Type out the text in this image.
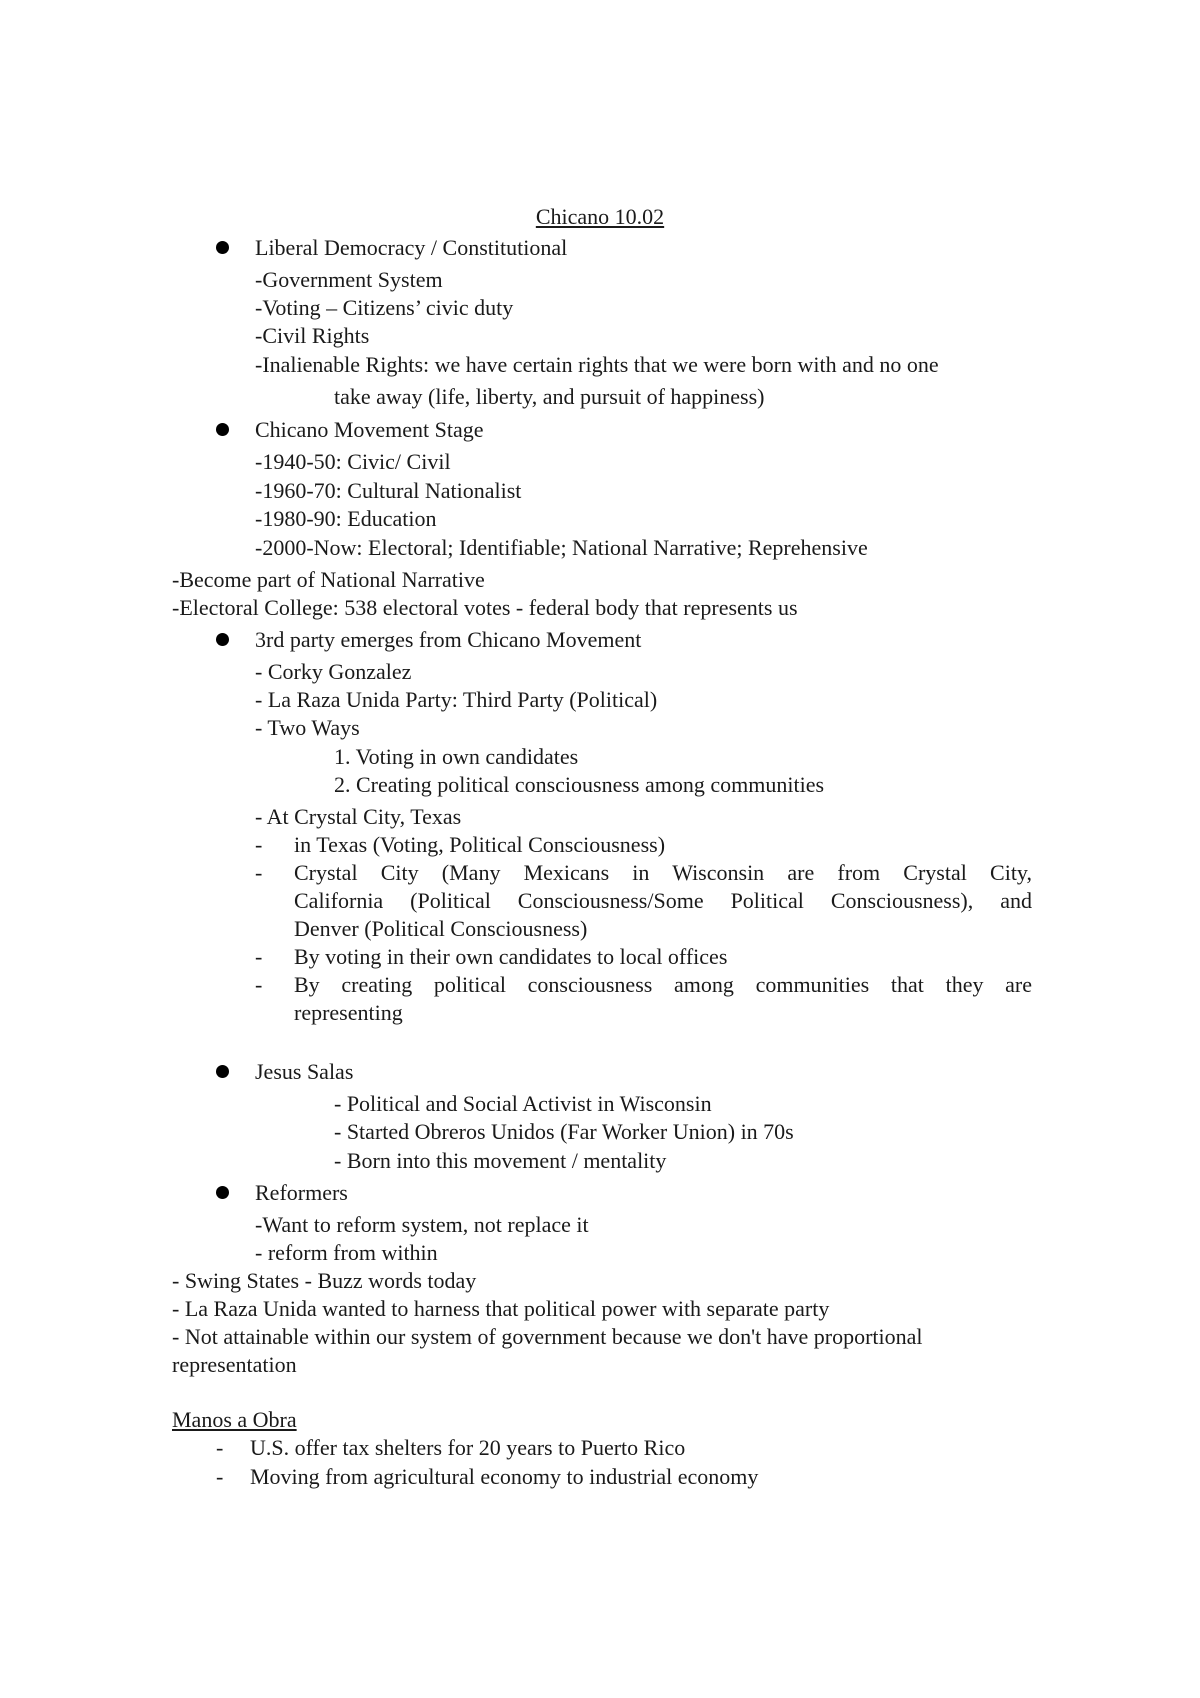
Chicano 10.02
Liberal Democracy / Constitutional
-Government System
-Voting – Citizens’ civic duty
-Civil Rights
-Inalienable Rights: we have certain rights that we were born with and no one
take away (life, liberty, and pursuit of happiness)
Chicano Movement Stage
-1940-50: Civic/ Civil
-1960-70: Cultural Nationalist
-1980-90: Education
-2000-Now: Electoral; Identifiable; National Narrative; Reprehensive
-Become part of National Narrative
-Electoral College: 538 electoral votes - federal body that represents us
3rd party emerges from Chicano Movement
- Corky Gonzalez
- La Raza Unida Party: Third Party (Political)
- Two Ways
1. Voting in own candidates
2. Creating political consciousness among communities
- At Crystal City, Texas
- in Texas (Voting, Political Consciousness)
- Crystal City (Many Mexicans in Wisconsin are from Crystal City,
California (Political Consciousness/Some Political Consciousness), and
Denver (Political Consciousness)
- By voting in their own candidates to local offices
- By creating political consciousness among communities that they are
representing
Jesus Salas
- Political and Social Activist in Wisconsin
- Started Obreros Unidos (Far Worker Union) in 70s
- Born into this movement / mentality
Reformers
-Want to reform system, not replace it
- reform from within
- Swing States - Buzz words today
- La Raza Unida wanted to harness that political power with separate party
- Not attainable within our system of government because we don't have proportional
representation
Manos a Obra
- U.S. offer tax shelters for 20 years to Puerto Rico
- Moving from agricultural economy to industrial economy
